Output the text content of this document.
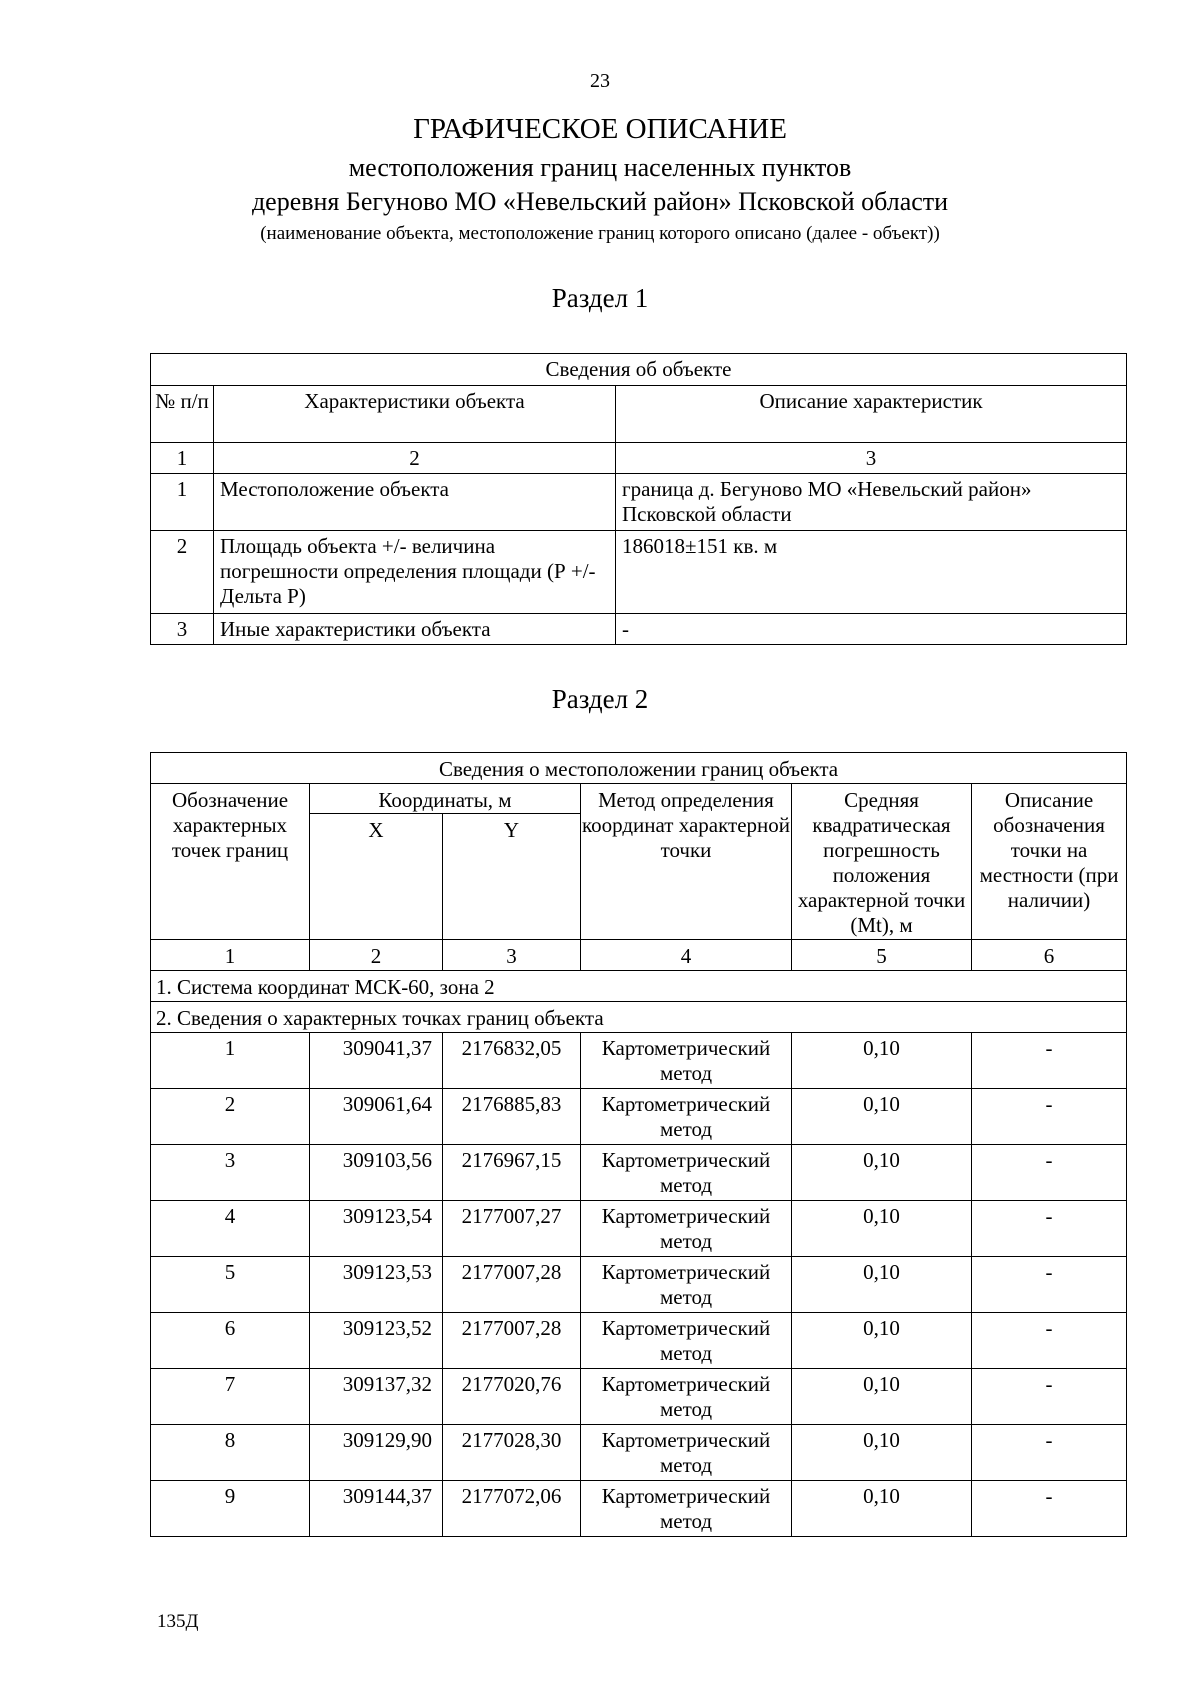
23
ГРАФИЧЕСКОЕ ОПИСАНИЕ
местоположения границ населенных пунктов
деревня Бегуново МО «Невельский район» Псковской области
(наименование объекта, местоположение границ которого описано (далее - объект))
Раздел 1
Сведения об объекте		
№ п/п	Характеристики объекта	Описание характеристик
1	2	3
1	Местоположение объекта	граница д. Бегуново МО «Невельский район» Псковской области
2	Площадь объекта +/- величина погрешности определения площади (Р +/- Дельта Р)	186018±151 кв. м
3	Иные характеристики объекта	-
Раздел 2
Сведения о местоположении границ объекта					
Обозначение характерных точек границ	Координаты, м		Метод определения координат характерной точки	Средняя квадратическая погрешность положения характерной точки (Mt), м	Описание обозначения точки на местности (при наличии)
	X	Y			
1	2	3	4	5	6
1. Система координат МСК-60, зона 2					
2. Сведения о характерных точках границ объекта					
1	309041,37	2176832,05	Картометрический метод	0,10	-
2	309061,64	2176885,83	Картометрический метод	0,10	-
3	309103,56	2176967,15	Картометрический метод	0,10	-
4	309123,54	2177007,27	Картометрический метод	0,10	-
5	309123,53	2177007,28	Картометрический метод	0,10	-
6	309123,52	2177007,28	Картометрический метод	0,10	-
7	309137,32	2177020,76	Картометрический метод	0,10	-
8	309129,90	2177028,30	Картометрический метод	0,10	-
9	309144,37	2177072,06	Картометрический метод	0,10	-
135Д
